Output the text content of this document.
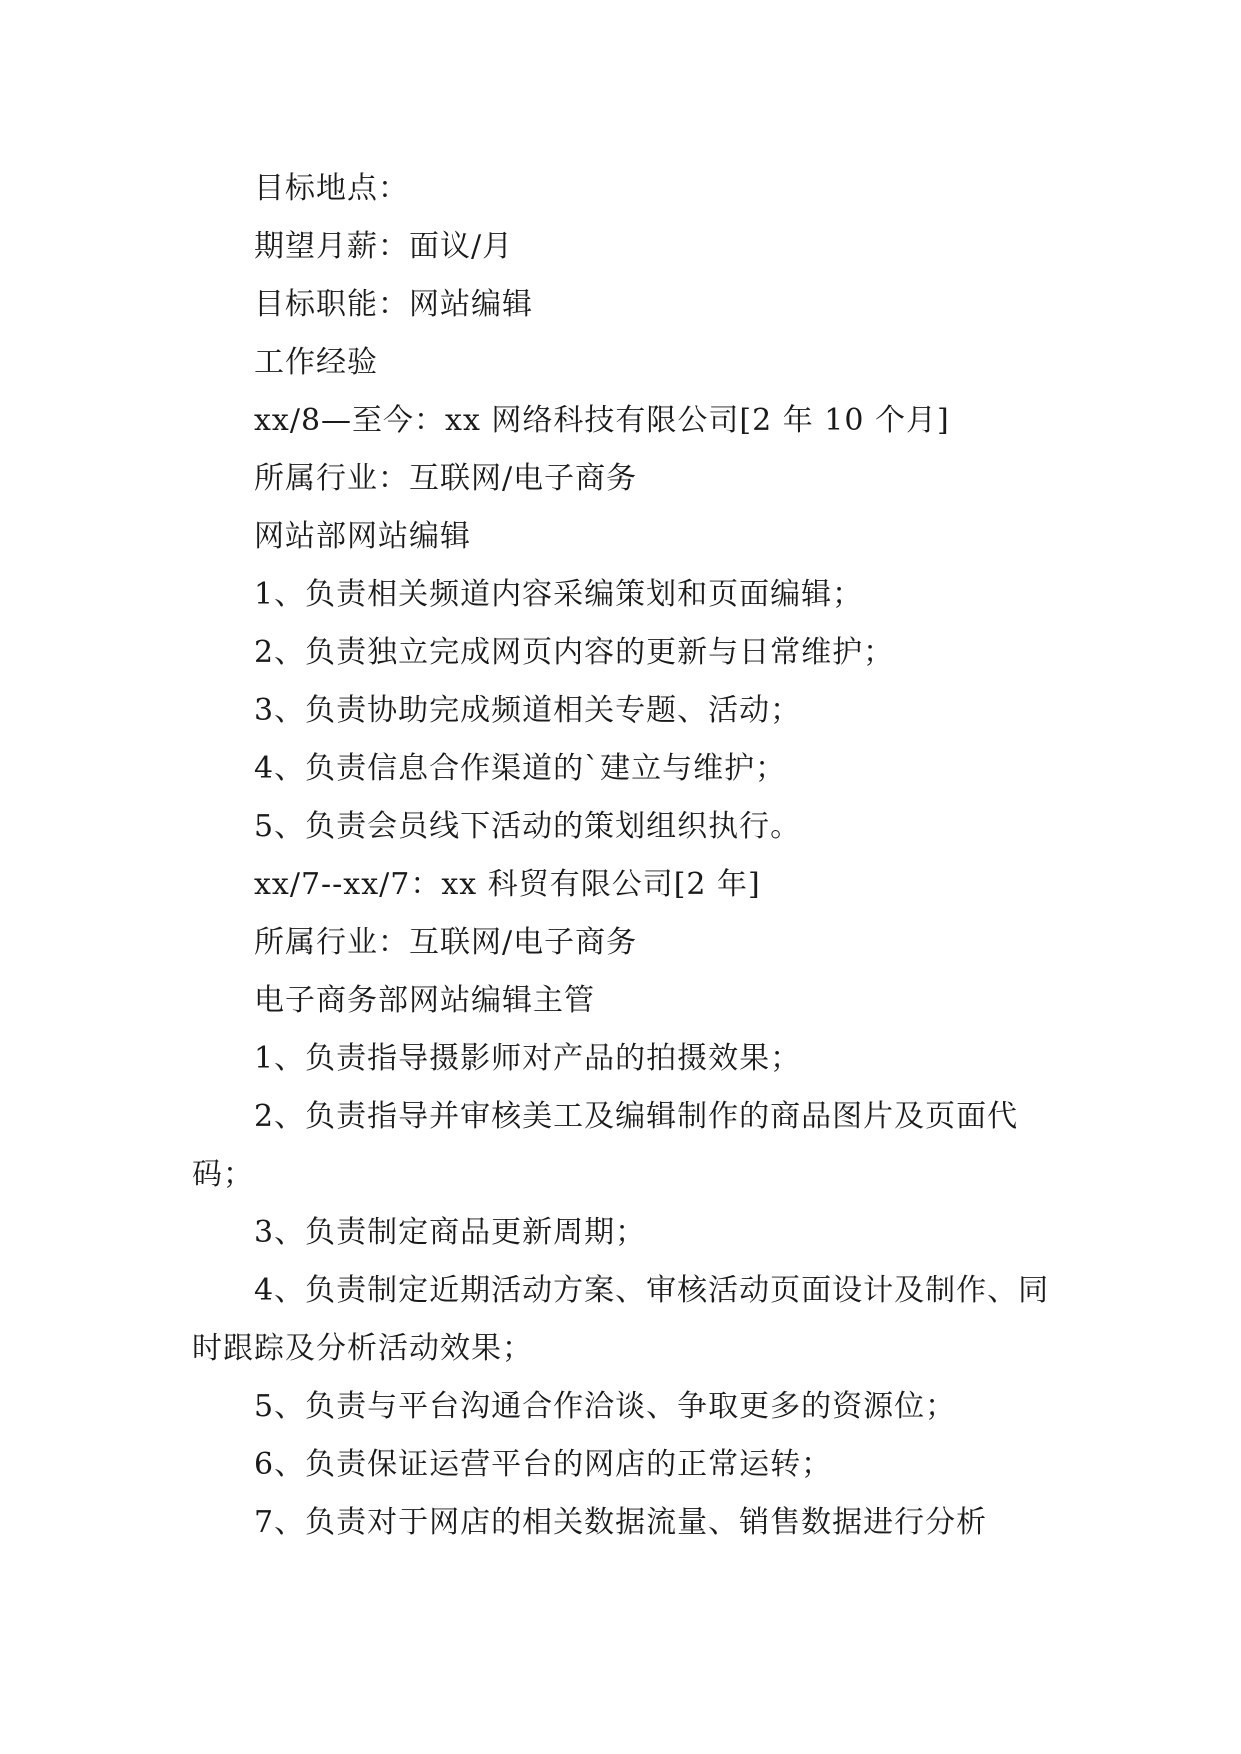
目标地点：
期望月薪：面议/月
目标职能：网站编辑
工作经验
xx/8—至今：xx 网络科技有限公司[2 年 10 个月]
所属行业：互联网/电子商务
网站部网站编辑
1、负责相关频道内容采编策划和页面编辑；
2、负责独立完成网页内容的更新与日常维护；
3、负责协助完成频道相关专题、活动；
4、负责信息合作渠道的`建立与维护；
5、负责会员线下活动的策划组织执行。
xx/7--xx/7：xx 科贸有限公司[2 年]
所属行业：互联网/电子商务
电子商务部网站编辑主管
1、负责指导摄影师对产品的拍摄效果；
2、负责指导并审核美工及编辑制作的商品图片及页面代码；
3、负责制定商品更新周期；
4、负责制定近期活动方案、审核活动页面设计及制作、同时跟踪及分析活动效果；
5、负责与平台沟通合作洽谈、争取更多的资源位；
6、负责保证运营平台的网店的正常运转；
7、负责对于网店的相关数据流量、销售数据进行分析
